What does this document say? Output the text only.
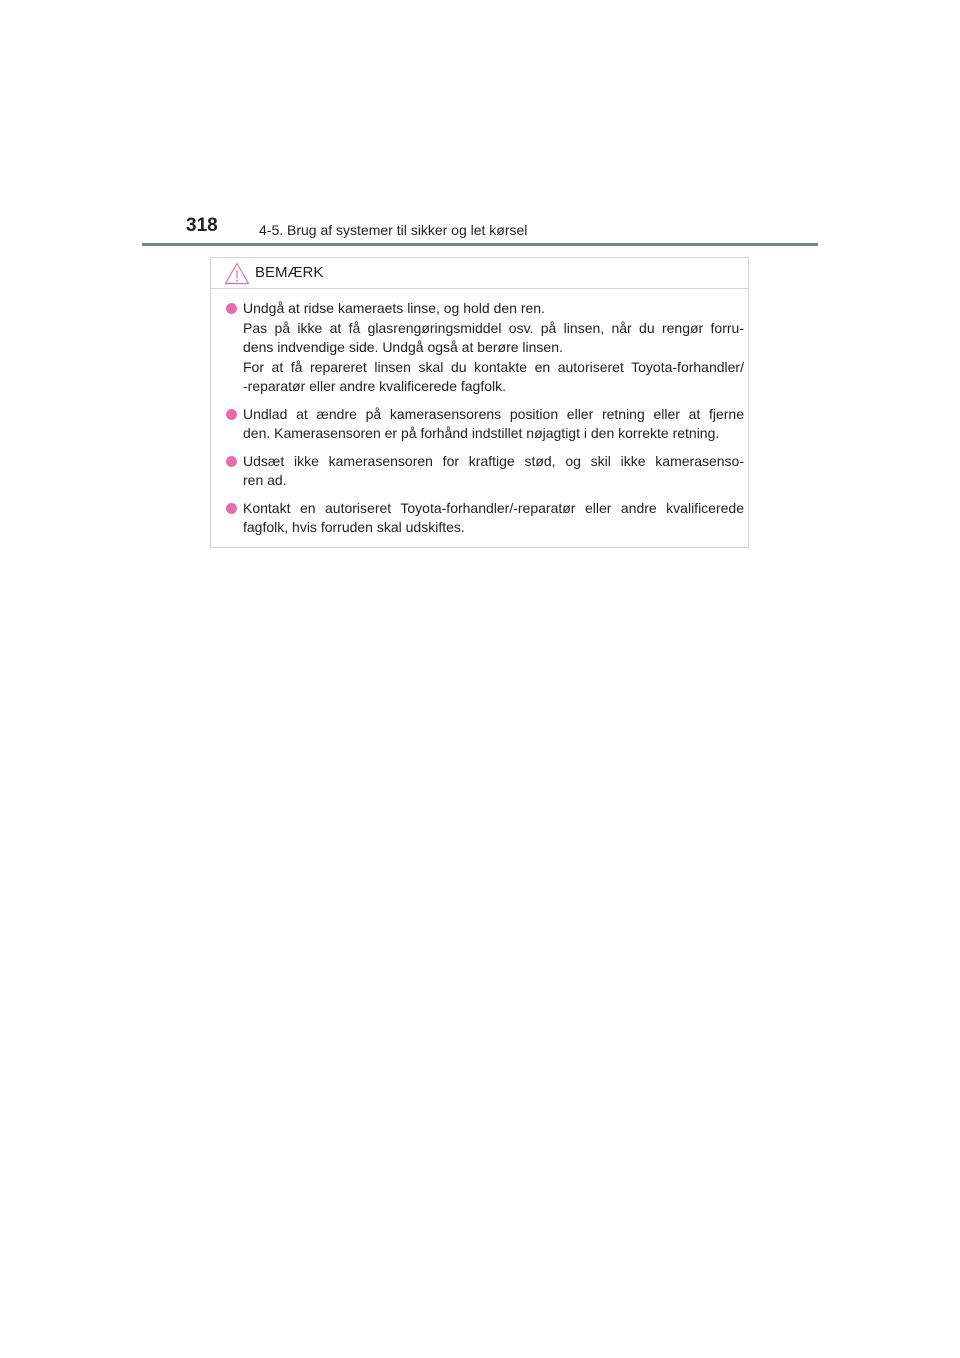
318	4-5. Brug af systemer til sikker og let kørsel
BEMÆRK
Undgå at ridse kameraets linse, og hold den ren.
Pas på ikke at få glasrengøringsmiddel osv. på linsen, når du rengør forru-
dens indvendige side. Undgå også at berøre linsen.
For at få repareret linsen skal du kontakte en autoriseret Toyota-forhandler/
-reparatør eller andre kvalificerede fagfolk.
Undlad at ændre på kamerasensorens position eller retning eller at fjerne
den. Kamerasensoren er på forhånd indstillet nøjagtigt i den korrekte retning.
Udsæt ikke kamerasensoren for kraftige stød, og skil ikke kamerasenso-
ren ad.
Kontakt en autoriseret Toyota-forhandler/-reparatør eller andre kvalificerede
fagfolk, hvis forruden skal udskiftes.
